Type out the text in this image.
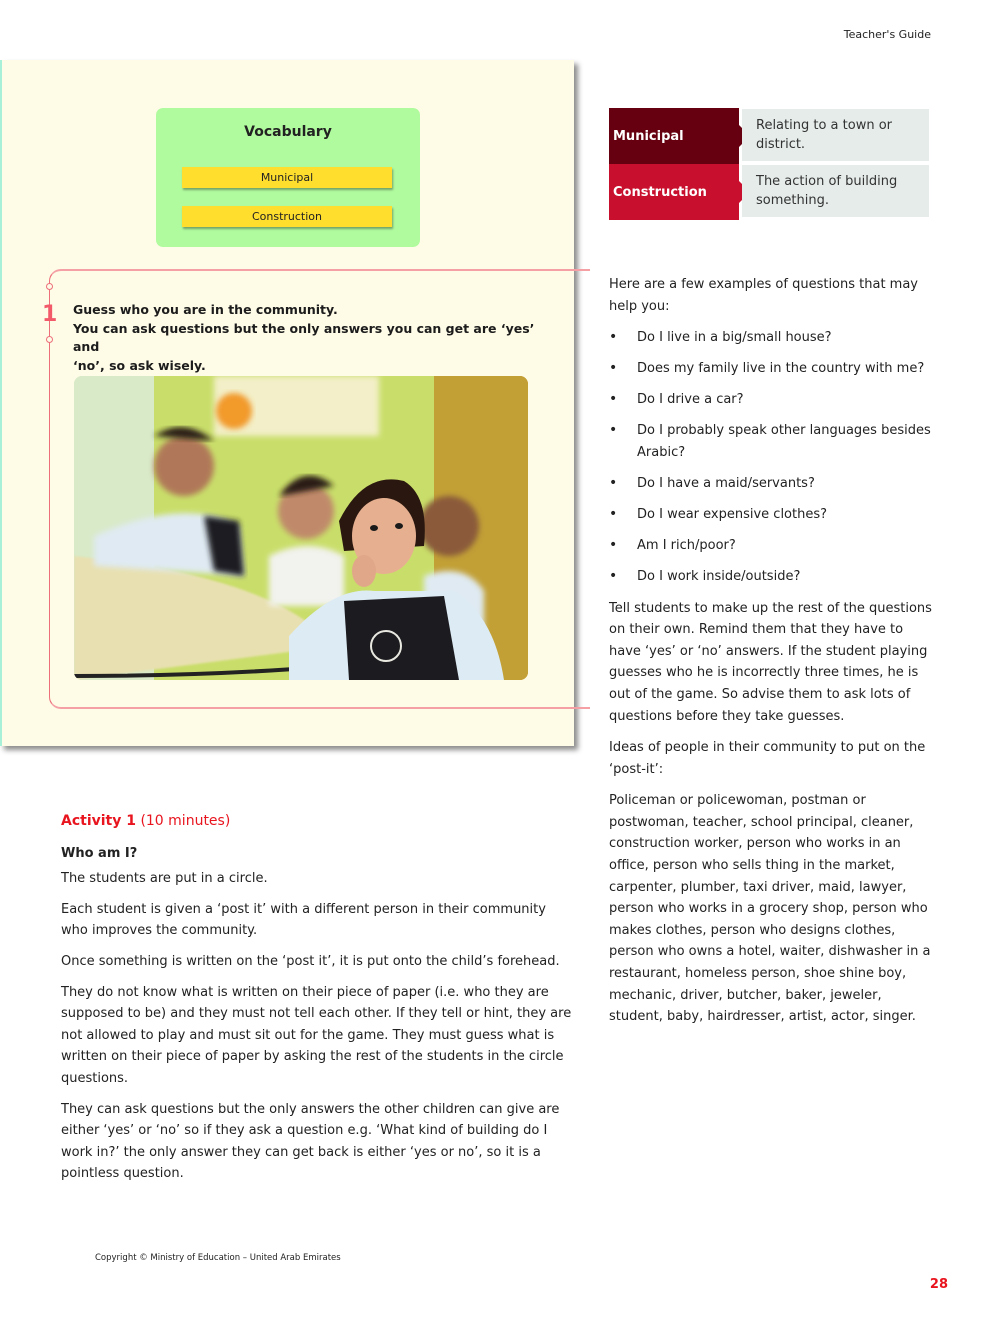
Teacher's Guide
Vocabulary
Municipal
Construction
1 Guess who you are in the community.
You can ask questions but the only answers you can get are ‘yes’ and
‘no’, so ask wisely.
Municipal
Relating to a town or district.
Construction
The action of building something.

Here are a few examples of questions that may help you:

• Do I live in a big/small house?
• Does my family live in the country with me?
• Do I drive a car?
• Do I probably speak other languages besides Arabic?
• Do I have a maid/servants?
• Do I wear expensive clothes?
• Am I rich/poor?
• Do I work inside/outside?

Tell students to make up the rest of the questions on their own. Remind them that they have to have ‘yes’ or ‘no’ answers. If the student playing guesses who he is incorrectly three times, he is out of the game. So advise them to ask lots of questions before they take guesses.

Ideas of people in their community to put on the ‘post-it’:

Policeman or policewoman, postman or postwoman, teacher, school principal, cleaner, construction worker, person who works in an office, person who sells thing in the market, carpenter, plumber, taxi driver, maid, lawyer, person who works in a grocery shop, person who makes clothes, person who designs clothes, person who owns a hotel, waiter, dishwasher in a restaurant, homeless person, shoe shine boy, mechanic, driver, butcher, baker, jeweler, student, baby, hairdresser, artist, actor, singer.

Activity 1 (10 minutes)

Who am I?

The students are put in a circle.

Each student is given a ‘post it’ with a different person in their community who improves the community.

Once something is written on the ‘post it’, it is put onto the child’s forehead.

They do not know what is written on their piece of paper (i.e. who they are supposed to be) and they must not tell each other. If they tell or hint, they are not allowed to play and must sit out for the game. They must guess what is written on their piece of paper by asking the rest of the students in the circle questions.

They can ask questions but the only answers the other children can give are either ‘yes’ or ‘no’ so if they ask a question e.g. ‘What kind of building do I work in?’ the only answer they can get back is either ‘yes or no’, so it is a pointless question.

Copyright © Ministry of Education – United Arab Emirates
28
